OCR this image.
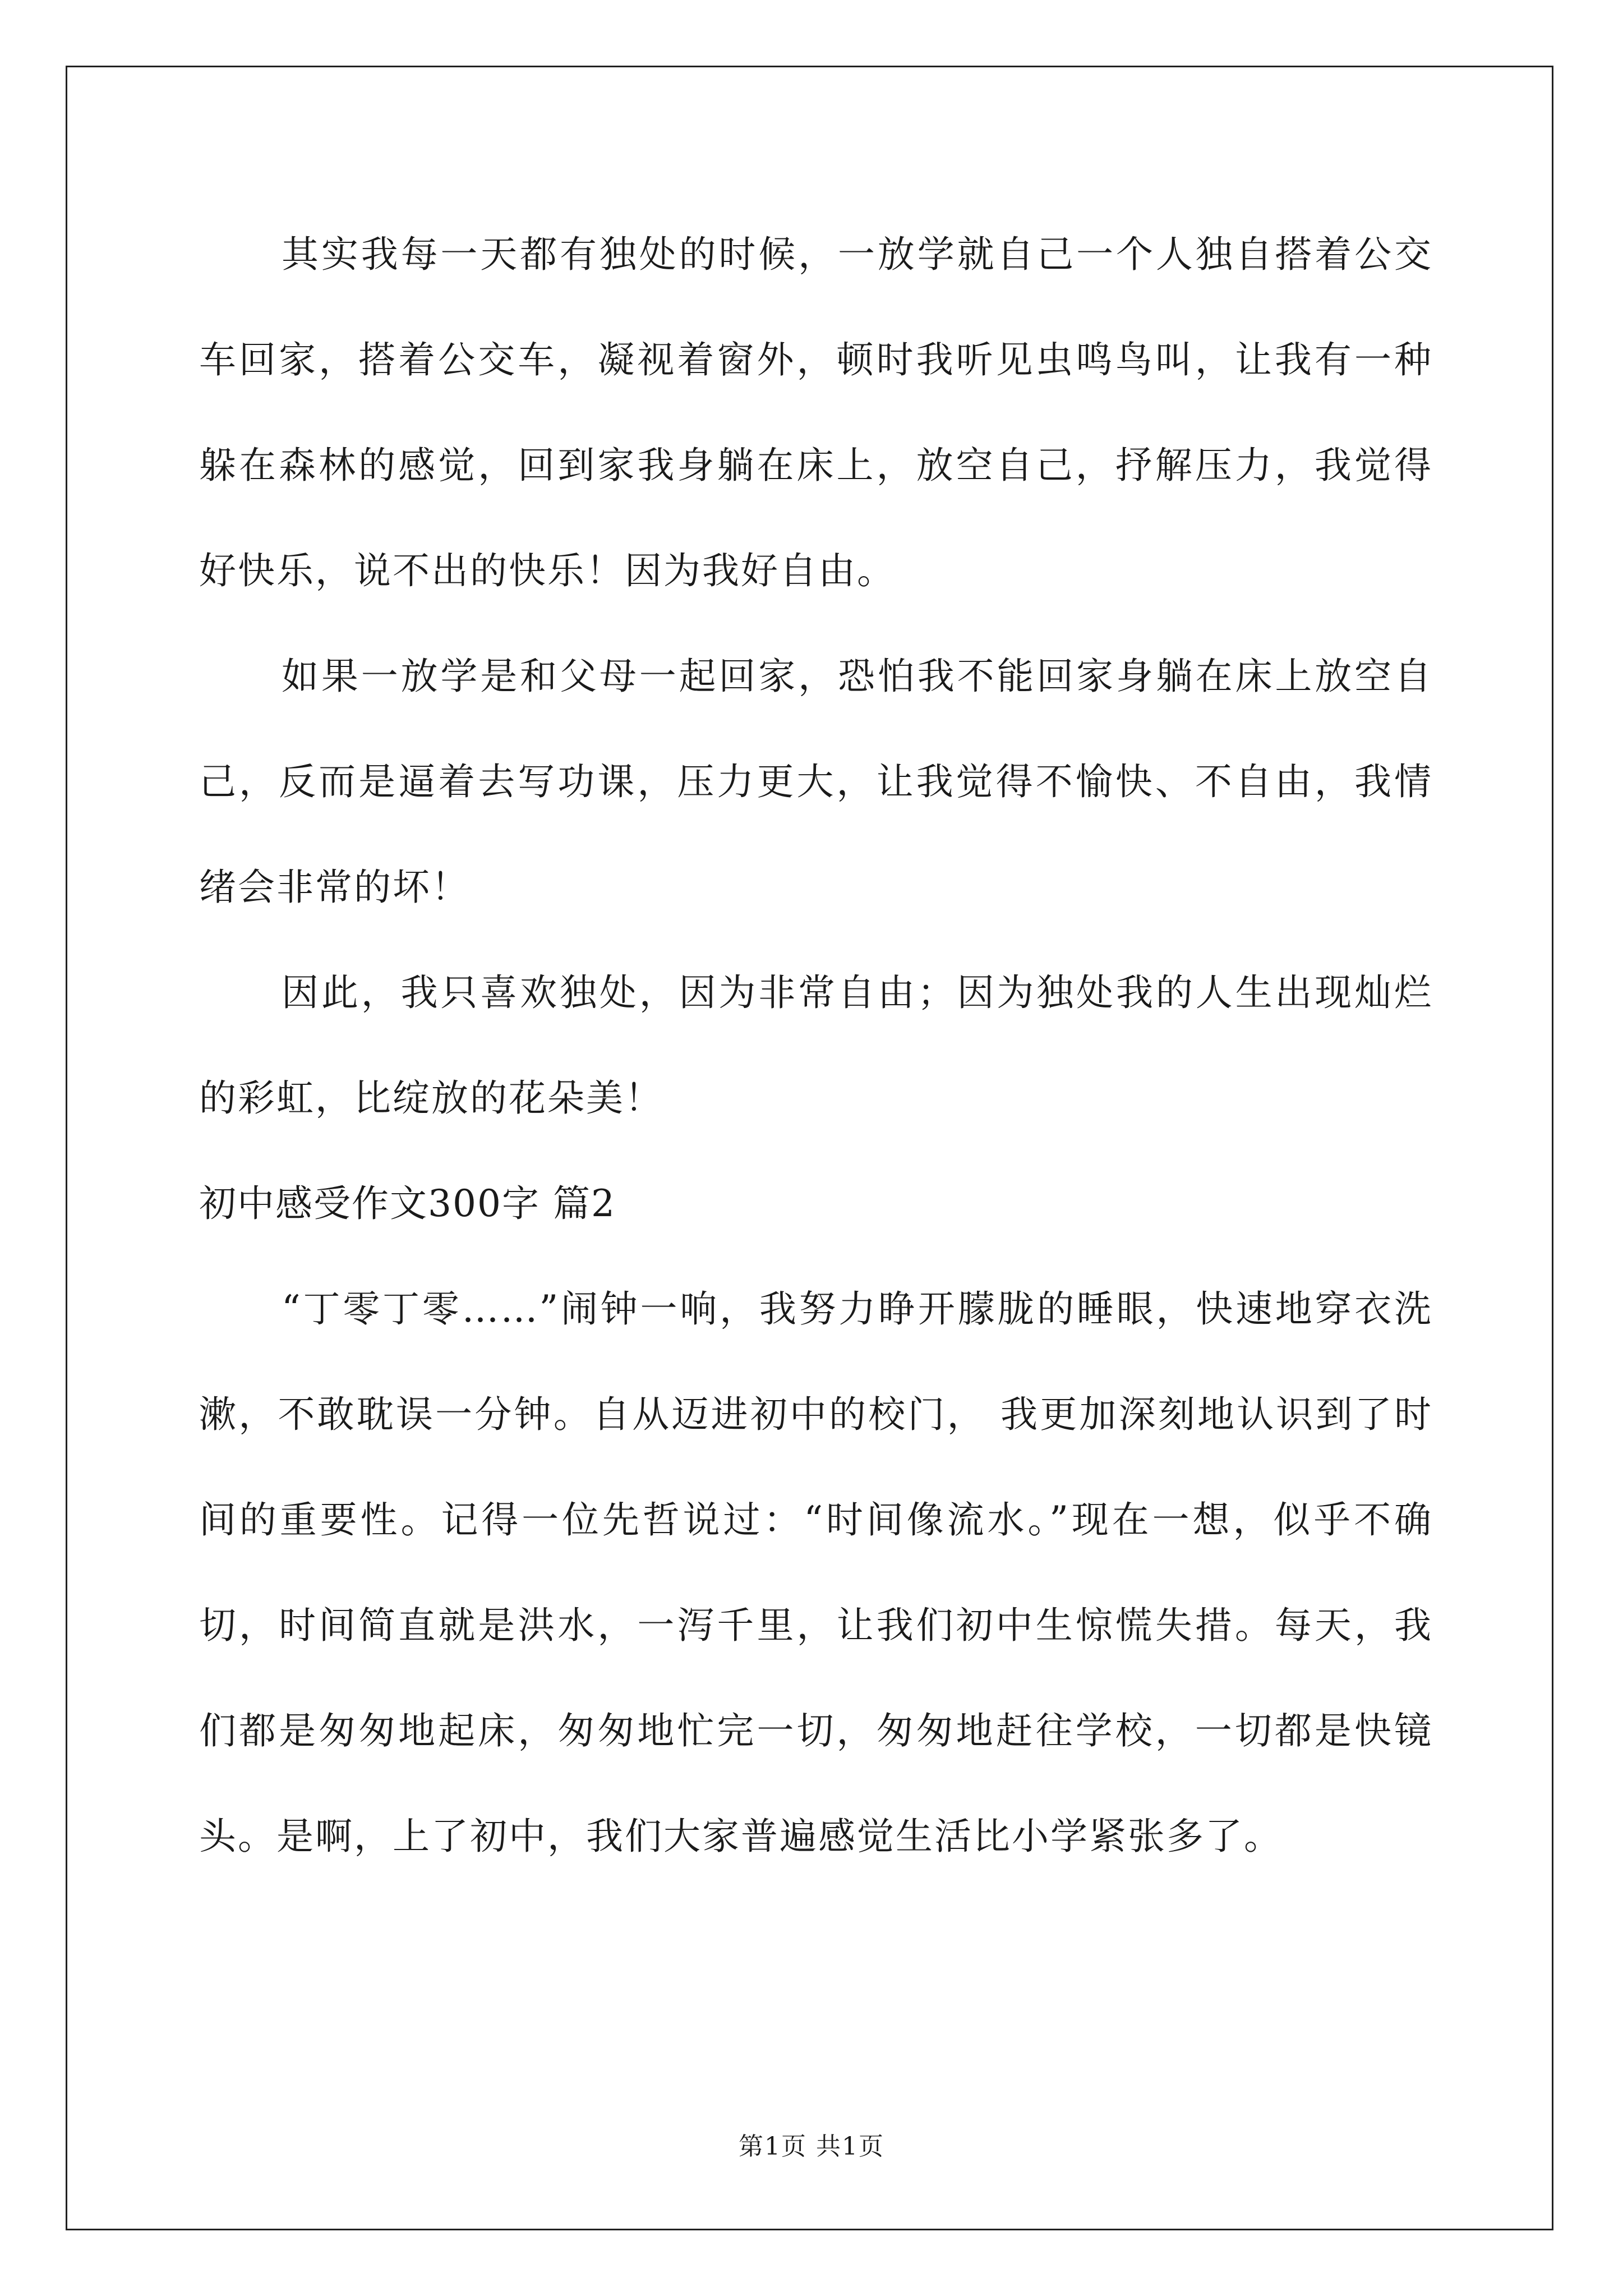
其实我每一天都有独处的时候，一放学就自己一个人独自搭着公交车回家，搭着公交车，凝视着窗外，顿时我听见虫鸣鸟叫，让我有一种躲在森林的感觉，回到家我身躺在床上，放空自己，抒解压力，我觉得好快乐，说不出的快乐！因为我好自由。

如果一放学是和父母一起回家，恐怕我不能回家身躺在床上放空自己，反而是逼着去写功课，压力更大，让我觉得不愉快、不自由，我情绪会非常的坏！

因此，我只喜欢独处，因为非常自由；因为独处我的人生出现灿烂的彩虹，比绽放的花朵美！

初中感受作文300字 篇2

“丁零丁零……”闹钟一响，我努力睁开朦胧的睡眼，快速地穿衣洗漱，不敢耽误一分钟。自从迈进初中的校门， 我更加深刻地认识到了时间的重要性。记得一位先哲说过：“时间像流水。”现在一想，似乎不确切，时间简直就是洪水，一泻千里，让我们初中生惊慌失措。每天，我们都是匆匆地起床，匆匆地忙完一切，匆匆地赶往学校，一切都是快镜头。是啊，上了初中，我们大家普遍感觉生活比小学紧张多了。

第1页 共1页
